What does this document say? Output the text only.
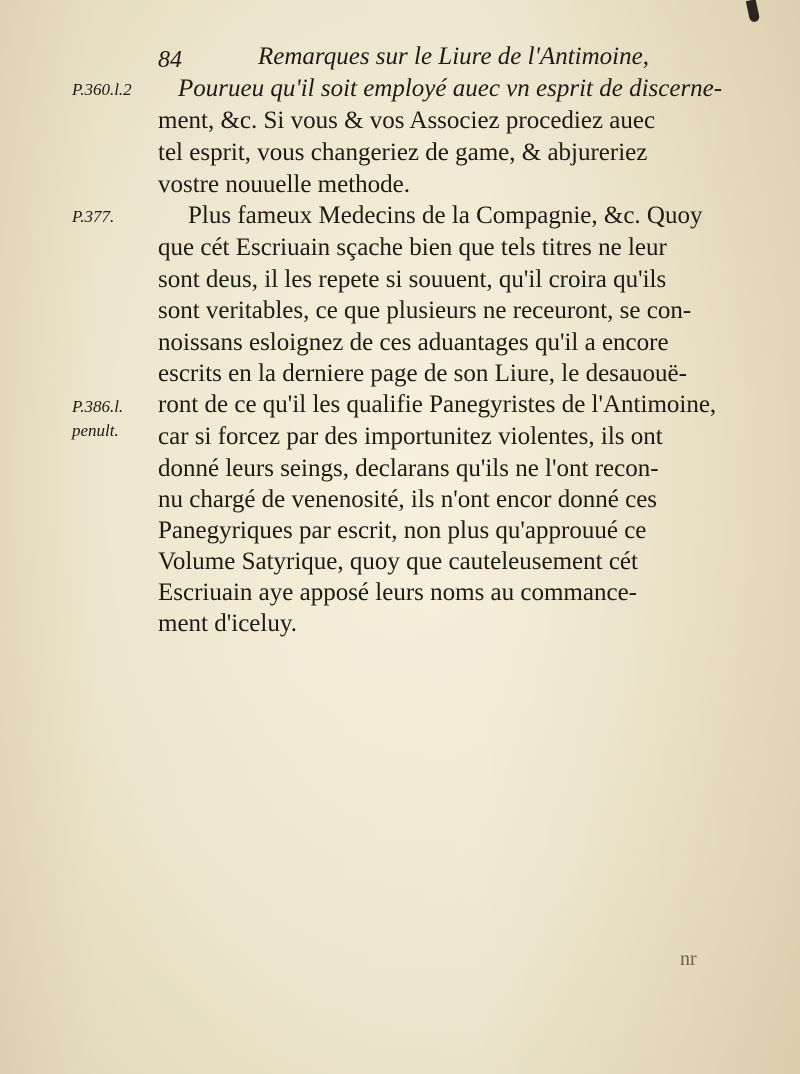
84	Remarques sur le Liure de l'Antimoine,
P.360.l.2
P.377.
P.386.l.
penult.
Pourueu qu'il soit employé auec vn esprit de discerne-
ment, &c. Si vous & vos Associez procediez auec
tel esprit, vous changeriez de game, & abjureriez
vostre nouuelle methode.
Plus fameux Medecins de la Compagnie, &c. Quoy
que cét Escriuain sçache bien que tels titres ne leur
sont deus, il les repete si souuent, qu'il croira qu'ils
sont veritables, ce que plusieurs ne receuront, se con-
noissans esloignez de ces aduantages qu'il a encore
escrits en la derniere page de son Liure, le desauouë-
ront de ce qu'il les qualifie Panegyristes de l'Antimoine,
car si forcez par des importunitez violentes, ils ont
donné leurs seings, declarans qu'ils ne l'ont recon-
nu chargé de venenosité, ils n'ont encor donné ces
Panegyriques par escrit, non plus qu'approuué ce
Volume Satyrique, quoy que cauteleusement cét
Escriuain aye apposé leurs noms au commance-
ment d'iceluy.
nr
